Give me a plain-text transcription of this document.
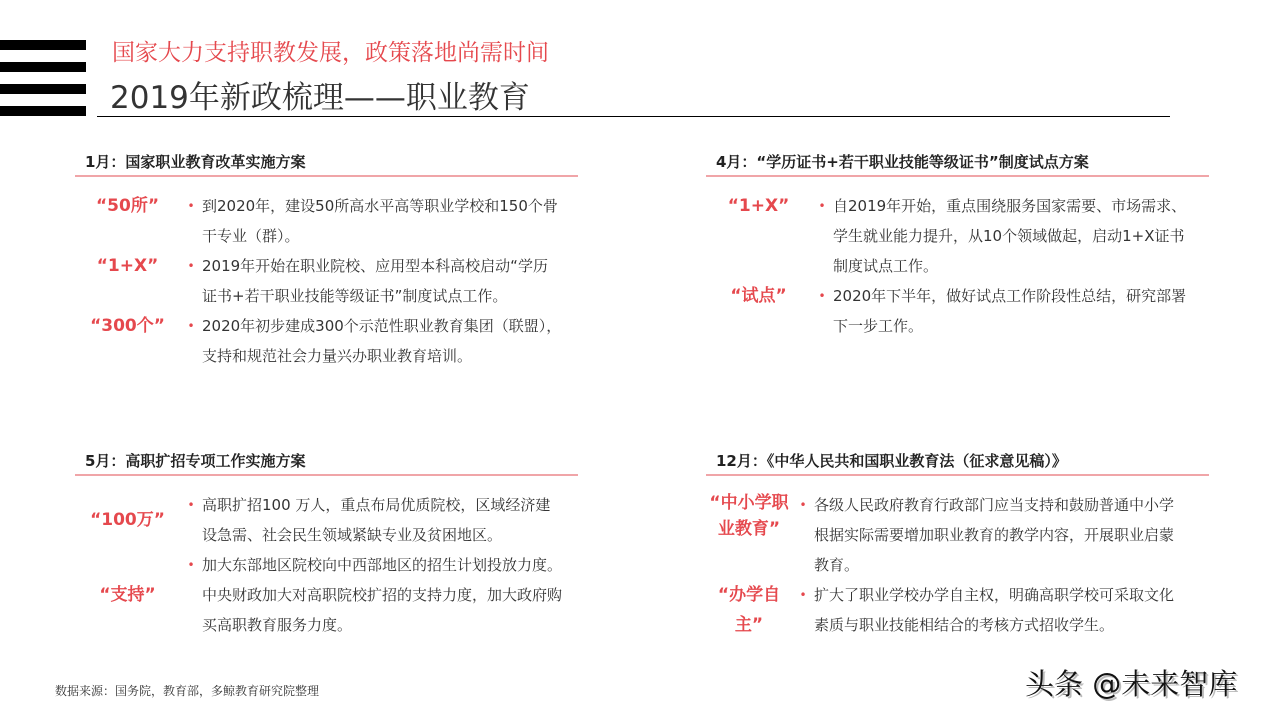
国家大力支持职教发展，政策落地尚需时间
2019年新政梳理——职业教育
1月：国家职业教育改革实施方案
“50所”	• 到2020年，建设50所高水平高等职业学校和150个骨干专业（群）。
“1+X”	• 2019年开始在职业院校、应用型本科高校启动“学历证书+若干职业技能等级证书”制度试点工作。
“300个”	• 2020年初步建成300个示范性职业教育集团（联盟），支持和规范社会力量兴办职业教育培训。
4月：“学历证书+若干职业技能等级证书”制度试点方案
“1+X”	• 自2019年开始，重点围绕服务国家需要、市场需求、学生就业能力提升，从10个领域做起，启动1+X证书制度试点工作。
“试点”	• 2020年下半年，做好试点工作阶段性总结，研究部署下一步工作。
5月：高职扩招专项工作实施方案
“100万”
• 高职扩招100 万人，重点布局优质院校，区域经济建设急需、社会民生领域紧缺专业及贫困地区。
“支持”
• 加大东部地区院校向中西部地区的招生计划投放力度。中央财政加大对高职院校扩招的支持力度，加大政府购买高职教育服务力度。
12月：《中华人民共和国职业教育法（征求意见稿）》
“中小学职业教育”
• 各级人民政府教育行政部门应当支持和鼓励普通中小学根据实际需要增加职业教育的教学内容，开展职业启蒙教育。
“办学自主”
• 扩大了职业学校办学自主权，明确高职学校可采取文化素质与职业技能相结合的考核方式招收学生。
数据来源：国务院，教育部，多鲸教育研究院整理	头条 @未来智库
